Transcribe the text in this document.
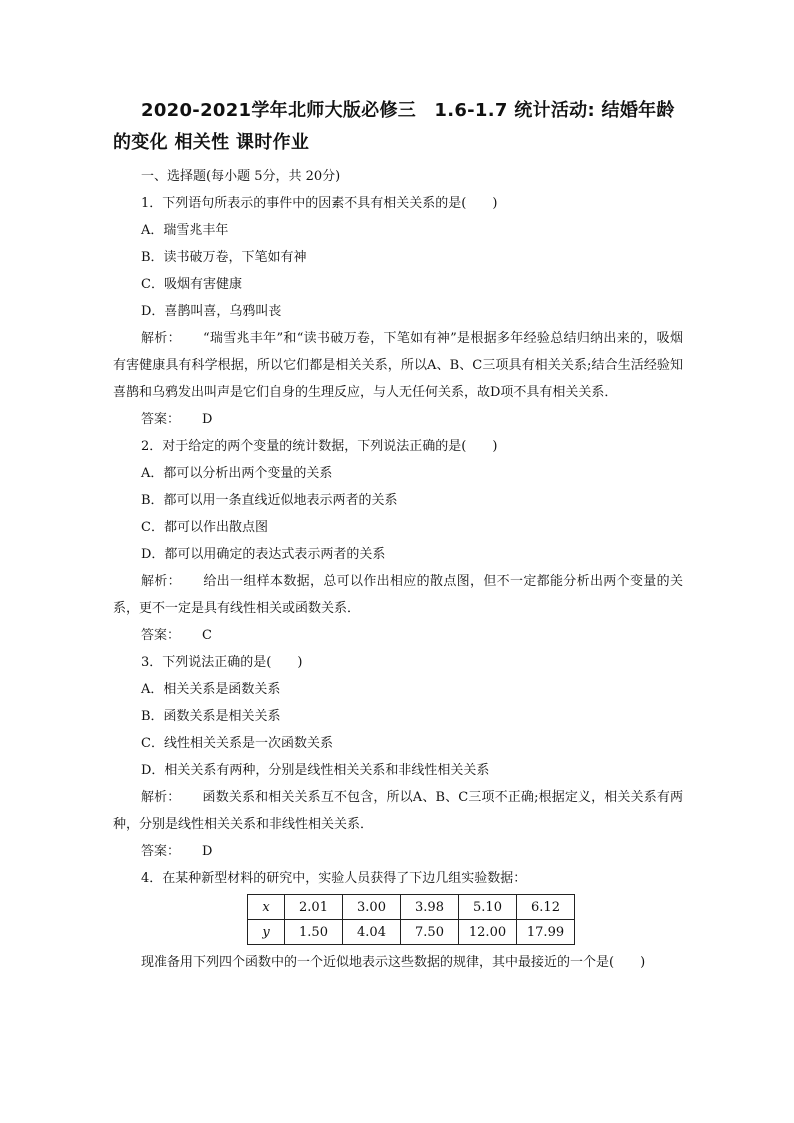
2020-2021学年北师大版必修三　1.6-1.7 统计活动: 结婚年龄的变化 相关性 课时作业
一、选择题(每小题 5分，共 20分)
1．下列语句所表示的事件中的因素不具有相关关系的是(　　)
A．瑞雪兆丰年
B．读书破万卷，下笔如有神
C．吸烟有害健康
D．喜鹊叫喜，乌鸦叫丧

解析： “瑞雪兆丰年”和“读书破万卷，下笔如有神”是根据多年经验总结归纳出来的，吸烟有害健康具有科学根据，所以它们都是相关关系，所以A、B、C三项具有相关关系;结合生活经验知喜鹊和乌鸦发出叫声是它们自身的生理反应，与人无任何关系，故D项不具有相关关系．

答案： D
2．对于给定的两个变量的统计数据，下列说法正确的是(　　)
A．都可以分析出两个变量的关系
B．都可以用一条直线近似地表示两者的关系
C．都可以作出散点图
D．都可以用确定的表达式表示两者的关系

解析： 给出一组样本数据，总可以作出相应的散点图，但不一定都能分析出两个变量的关系，更不一定是具有线性相关或函数关系．

答案： C
3．下列说法正确的是(　　)
A．相关关系是函数关系
B．函数关系是相关关系
C．线性相关关系是一次函数关系
D．相关关系有两种，分别是线性相关关系和非线性相关关系

解析： 函数关系和相关关系互不包含，所以A、B、C三项不正确;根据定义，相关关系有两种，分别是线性相关关系和非线性相关关系．

答案： D
4．在某种新型材料的研究中，实验人员获得了下边几组实验数据：
x	2.01	3.00	3.98	5.10	6.12
y	1.50	4.04	7.50	12.00	17.99
现准备用下列四个函数中的一个近似地表示这些数据的规律，其中最接近的一个是(　　)
